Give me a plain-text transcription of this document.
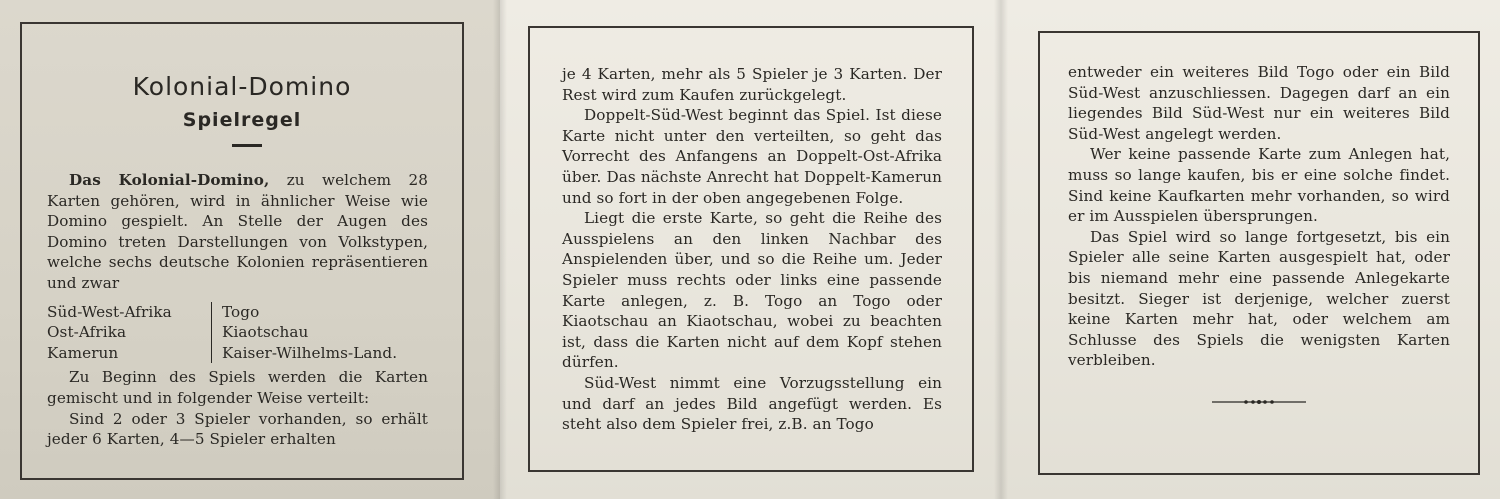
Kolonial-Domino
Spielregel

Das Kolonial-Domino, zu welchem 28 Karten gehören, wird in ähnlicher Weise wie Domino gespielt. An Stelle der Augen des Domino treten Darstellungen von Volkstypen, welche sechs deutsche Kolonien repräsentieren und zwar

Süd-West-Afrika
Ost-Afrika
Kamerun
Togo
Kiaotschau
Kaiser-Wilhelms-Land.

Zu Beginn des Spiels werden die Karten gemischt und in folgender Weise verteilt:

Sind 2 oder 3 Spieler vorhanden, so erhält jeder 6 Karten, 4—5 Spieler erhalten

je 4 Karten, mehr als 5 Spieler je 3 Karten. Der Rest wird zum Kaufen zurückgelegt.

Doppelt-Süd-West beginnt das Spiel. Ist diese Karte nicht unter den verteilten, so geht das Vorrecht des Anfangens an Doppelt-Ost-Afrika über. Das nächste Anrecht hat Doppelt-Kamerun und so fort in der oben angegebenen Folge.

Liegt die erste Karte, so geht die Reihe des Ausspielens an den linken Nachbar des Anspielenden über, und so die Reihe um. Jeder Spieler muss rechts oder links eine passende Karte anlegen, z. B. Togo an Togo oder Kiaotschau an Kiaotschau, wobei zu beachten ist, dass die Karten nicht auf dem Kopf stehen dürfen.

Süd-West nimmt eine Vorzugsstellung ein und darf an jedes Bild angefügt werden. Es steht also dem Spieler frei, z.B. an Togo

entweder ein weiteres Bild Togo oder ein Bild Süd-West anzuschliessen. Dagegen darf an ein liegendes Bild Süd-West nur ein weiteres Bild Süd-West angelegt werden.

Wer keine passende Karte zum Anlegen hat, muss so lange kaufen, bis er eine solche findet. Sind keine Kaufkarten mehr vorhanden, so wird er im Ausspielen übersprungen.

Das Spiel wird so lange fortgesetzt, bis ein Spieler alle seine Karten ausgespielt hat, oder bis niemand mehr eine passende Anlegekarte besitzt. Sieger ist derjenige, welcher zuerst keine Karten mehr hat, oder welchem am Schlusse des Spiels die wenigsten Karten verbleiben.
